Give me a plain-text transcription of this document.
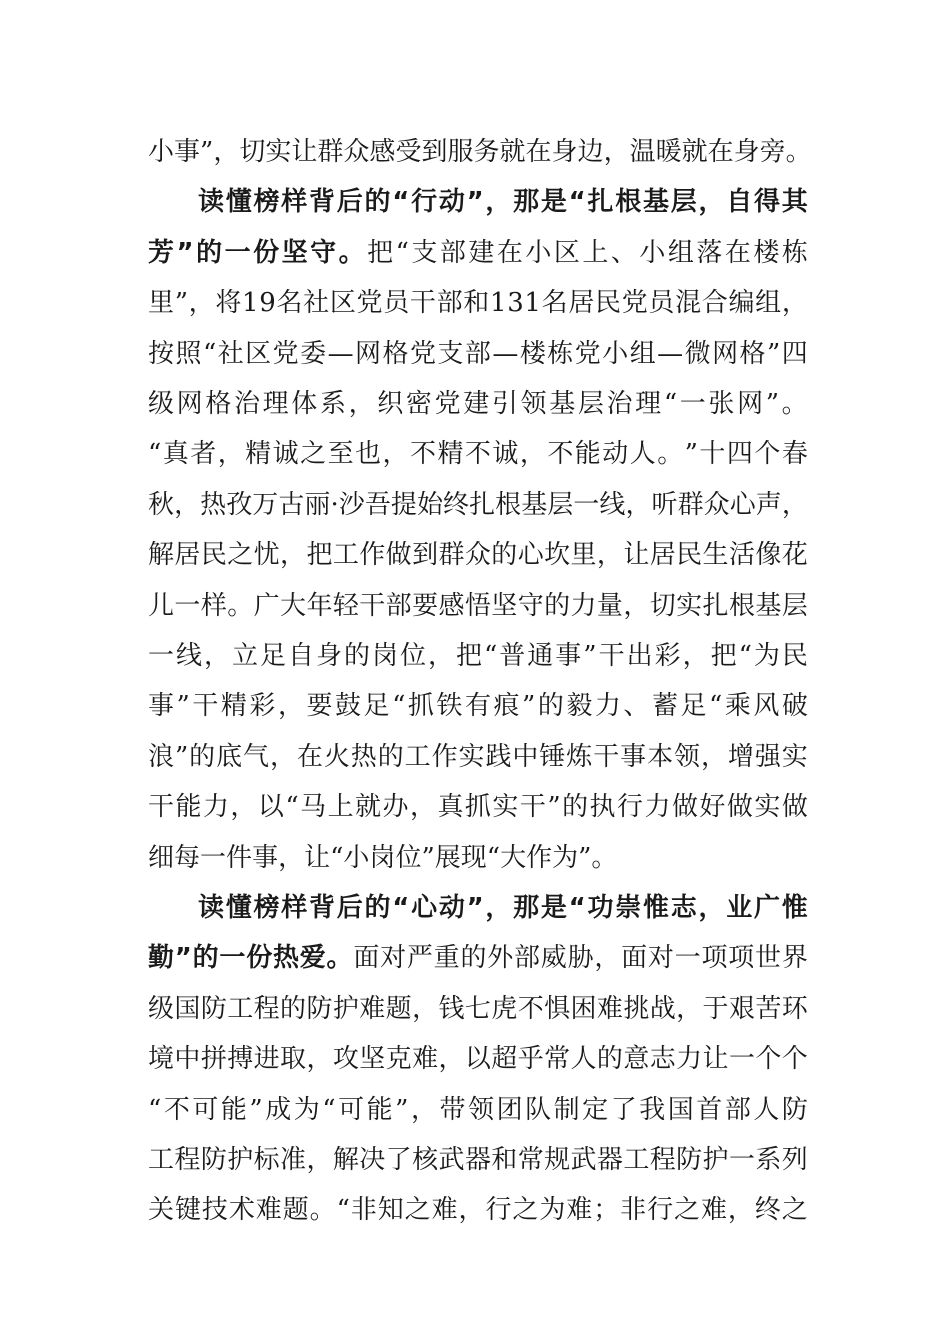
小 事 ” ， 切 实 让 群 众 感 受 到 服 务 就 在 身 边 ， 温 暖 就 在 身 旁 。
读 懂 榜 样 背 后 的 “ 行 动 ” ， 那 是 “ 扎 根 基 层 ， 自 得 其
芳 ” 的 一 份 坚 守 。 把 “ 支 部 建 在 小 区 上 、 小 组 落 在 楼 栋
里 ” ， 将 1 9 名 社 区 党 员 干 部 和 1 3 1 名 居 民 党 员 混 合 编 组 ，
按 照 “ 社 区 党 委 — 网 格 党 支 部 — 楼 栋 党 小 组 — 微 网 格 ” 四
级 网 格 治 理 体 系 ， 织 密 党 建 引 领 基 层 治 理 “ 一 张 网 ” 。
“ 真 者 ， 精 诚 之 至 也 ， 不 精 不 诚 ， 不 能 动 人 。 ” 十 四 个 春
秋 ， 热 孜 万 古 丽 · 沙 吾 提 始 终 扎 根 基 层 一 线 ， 听 群 众 心 声 ，
解 居 民 之 忧 ， 把 工 作 做 到 群 众 的 心 坎 里 ， 让 居 民 生 活 像 花
儿 一 样 。 广 大 年 轻 干 部 要 感 悟 坚 守 的 力 量 ， 切 实 扎 根 基 层
一 线 ， 立 足 自 身 的 岗 位 ， 把 “ 普 通 事 ” 干 出 彩 ， 把 “ 为 民
事 ” 干 精 彩 ， 要 鼓 足 “ 抓 铁 有 痕 ” 的 毅 力 、 蓄 足 “ 乘 风 破
浪 ” 的 底 气 ， 在 火 热 的 工 作 实 践 中 锤 炼 干 事 本 领 ， 增 强 实
干 能 力 ， 以 “ 马 上 就 办 ， 真 抓 实 干 ” 的 执 行 力 做 好 做 实 做
细 每 一 件 事 ， 让 “ 小 岗 位 ” 展 现 “ 大 作 为 ” 。
读 懂 榜 样 背 后 的 “ 心 动 ” ， 那 是 “ 功 崇 惟 志 ， 业 广 惟
勤 ” 的 一 份 热 爱 。 面 对 严 重 的 外 部 威 胁 ， 面 对 一 项 项 世 界
级 国 防 工 程 的 防 护 难 题 ， 钱 七 虎 不 惧 困 难 挑 战 ， 于 艰 苦 环
境 中 拼 搏 进 取 ， 攻 坚 克 难 ， 以 超 乎 常 人 的 意 志 力 让 一 个 个
“ 不 可 能 ” 成 为 “ 可 能 ” ， 带 领 团 队 制 定 了 我 国 首 部 人 防
工 程 防 护 标 准 ， 解 决 了 核 武 器 和 常 规 武 器 工 程 防 护 一 系 列
关 键 技 术 难 题 。 “ 非 知 之 难 ， 行 之 为 难 ； 非 行 之 难 ， 终 之
